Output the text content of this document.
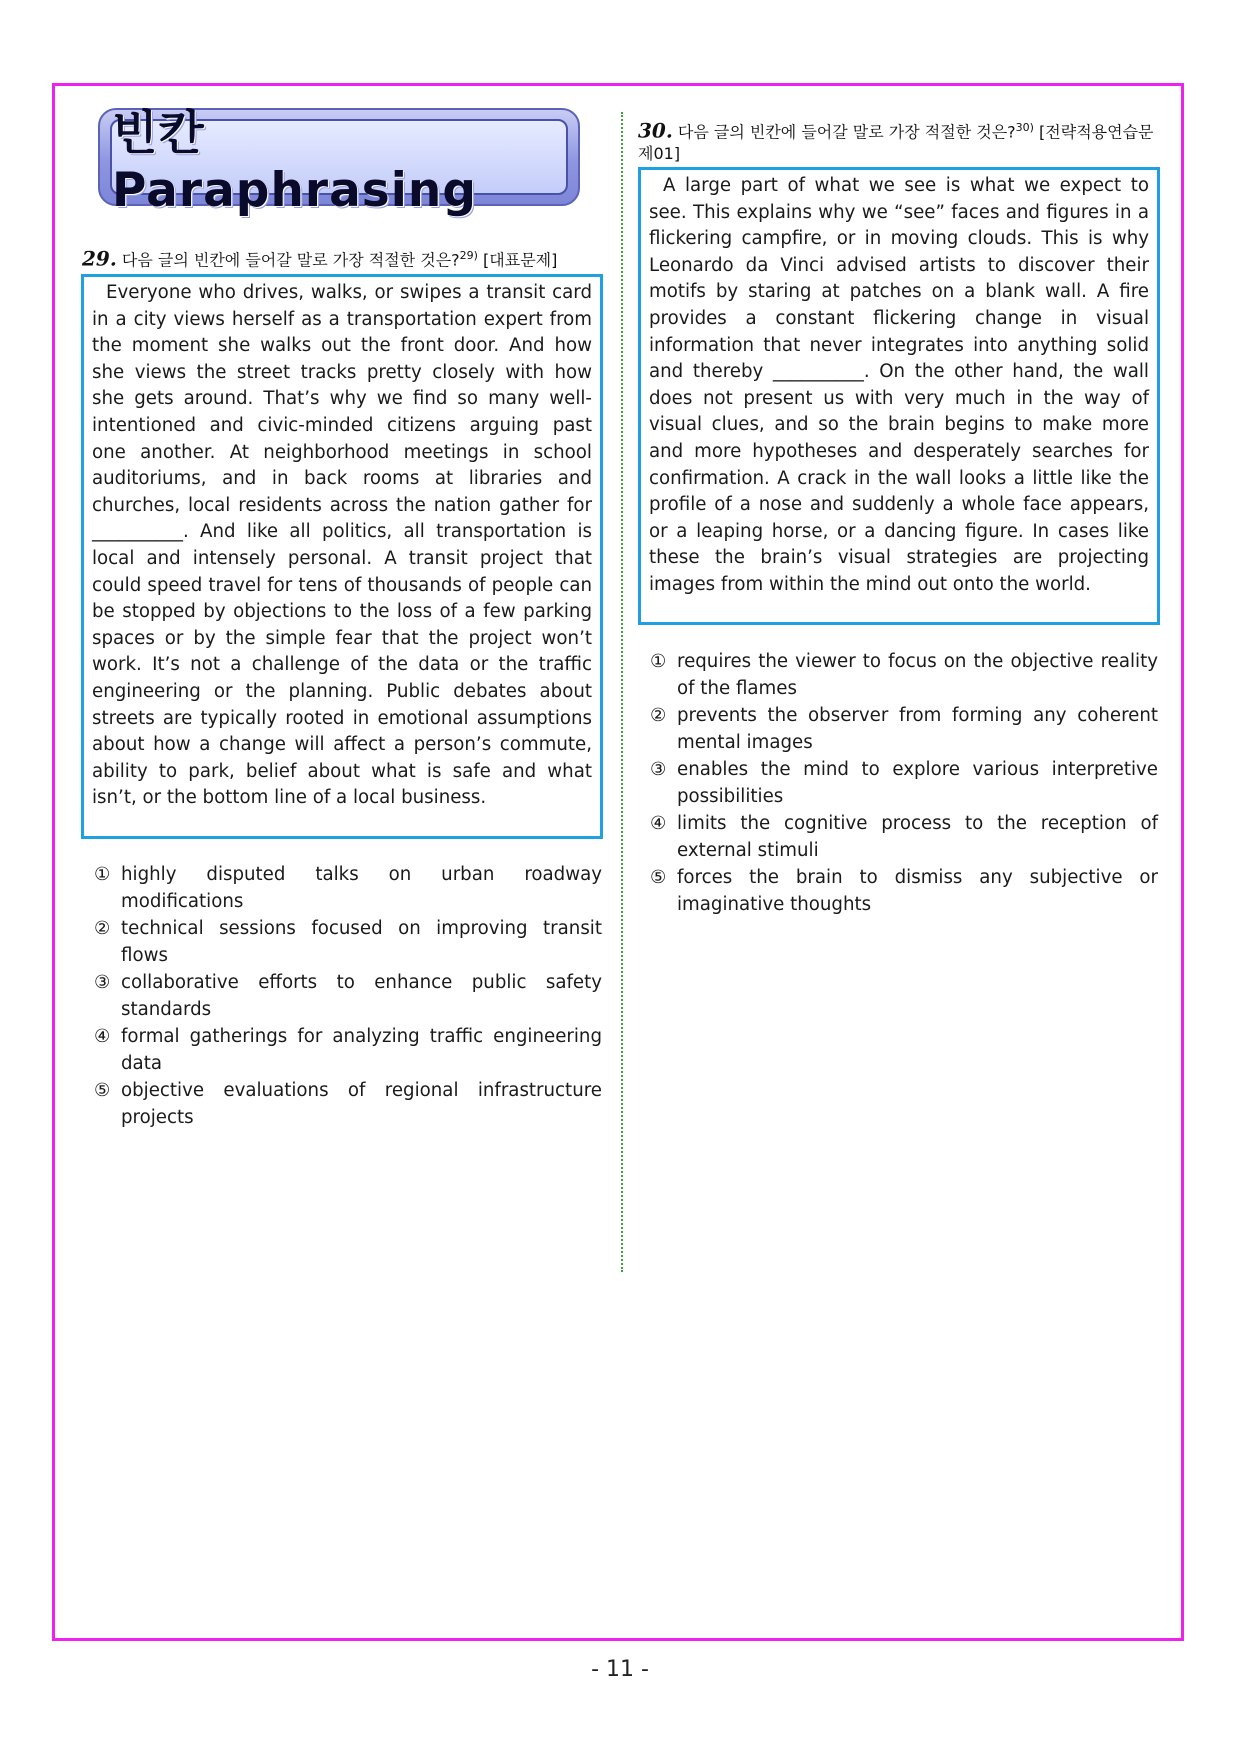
빈칸 Paraphrasing
29. 다음 글의 빈칸에 들어갈 말로 가장 적절한 것은?$^{29)}$ [대표문제]
Everyone who drives, walks, or swipes a transit card in a city views herself as a transportation expert from the moment she walks out the front door. And how she views the street tracks pretty closely with how she gets around. That’s why we find so many well-intentioned and civic-minded citizens arguing past one another. At neighborhood meetings in school auditoriums, and in back rooms at libraries and churches, local residents across the nation gather for __________. And like all politics, all transportation is local and intensely personal. A transit project that could speed travel for tens of thousands of people can be stopped by objections to the loss of a few parking spaces or by the simple fear that the project won’t work. It’s not a challenge of the data or the traffic engineering or the planning. Public debates about streets are typically rooted in emotional assumptions about how a change will affect a person’s commute, ability to park, belief about what is safe and what isn’t, or the bottom line of a local business.
① highly disputed talks on urban roadway modifications
② technical sessions focused on improving transit flows
③ collaborative efforts to enhance public safety standards
④ formal gatherings for analyzing traffic engineering data
⑤ objective evaluations of regional infrastructure projects
30. 다음 글의 빈칸에 들어갈 말로 가장 적절한 것은?$^{30)}$ [전략적용연습문제01]
A large part of what we see is what we expect to see. This explains why we “see” faces and figures in a flickering campfire, or in moving clouds. This is why Leonardo da Vinci advised artists to discover their motifs by staring at patches on a blank wall. A fire provides a constant flickering change in visual information that never integrates into anything solid and thereby __________. On the other hand, the wall does not present us with very much in the way of visual clues, and so the brain begins to make more and more hypotheses and desperately searches for confirmation. A crack in the wall looks a little like the profile of a nose and suddenly a whole face appears, or a leaping horse, or a dancing figure. In cases like these the brain’s visual strategies are projecting images from within the mind out onto the world.
① requires the viewer to focus on the objective reality of the flames
② prevents the observer from forming any coherent mental images
③ enables the mind to explore various interpretive possibilities
④ limits the cognitive process to the reception of external stimuli
⑤ forces the brain to dismiss any subjective or imaginative thoughts
- 11 -
